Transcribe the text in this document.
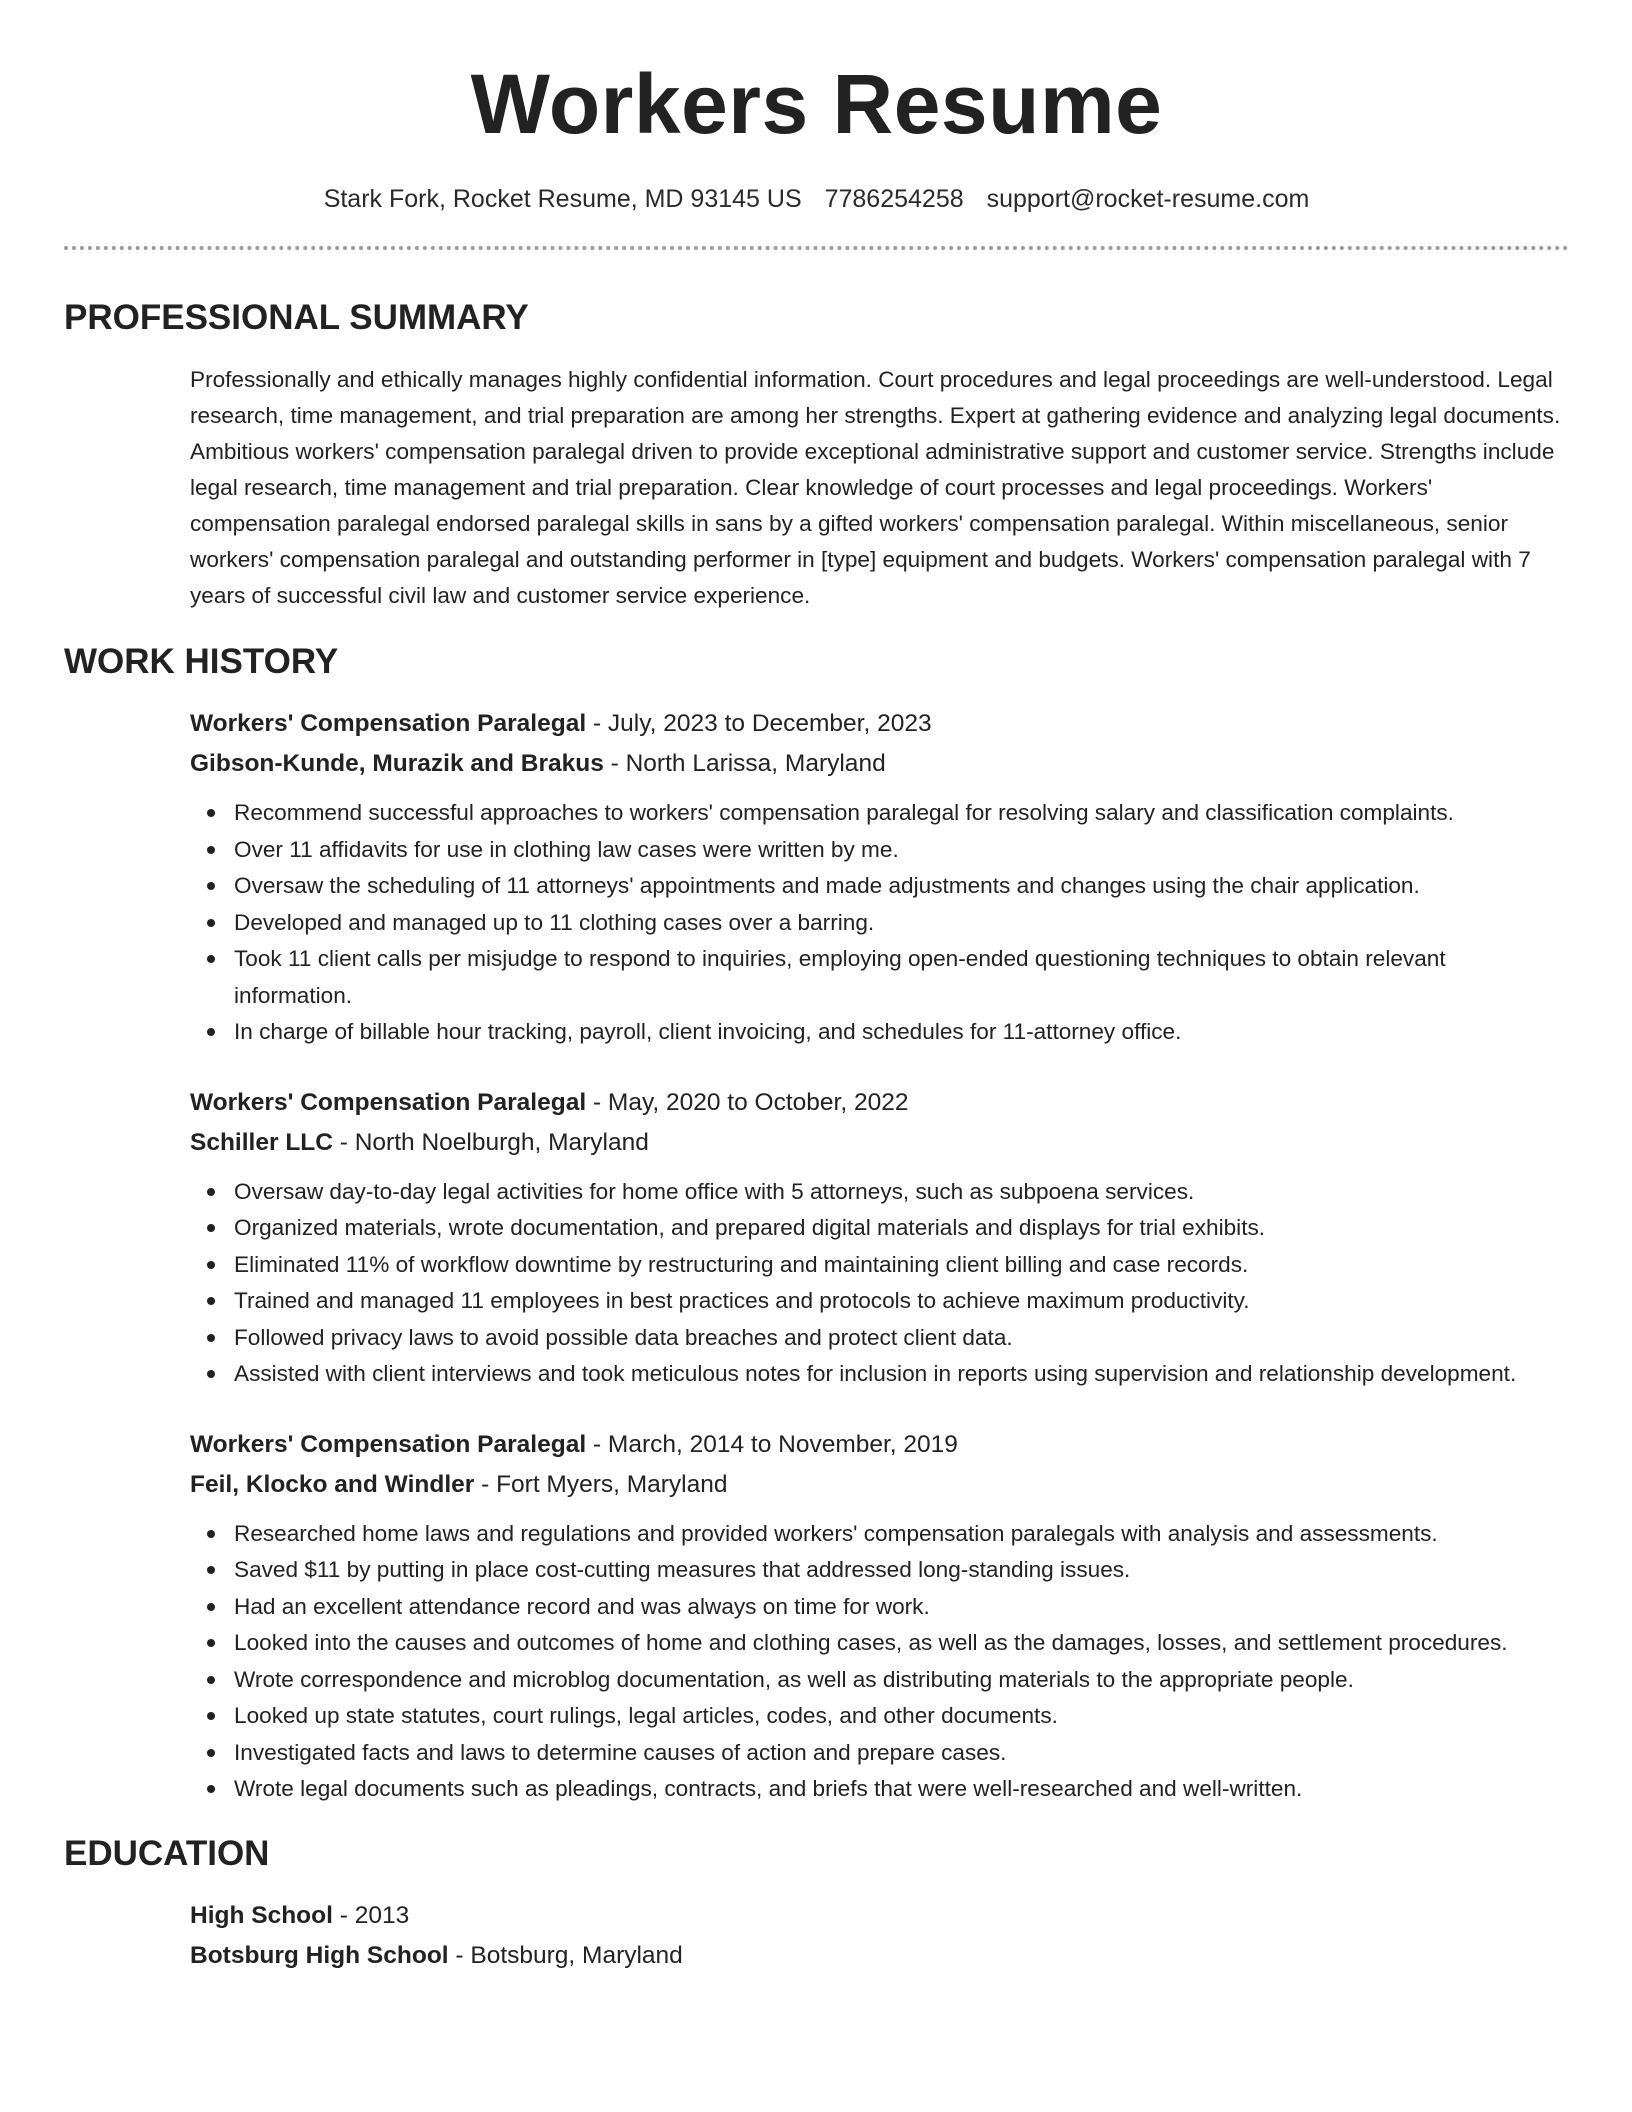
Workers Resume
Stark Fork, Rocket Resume, MD 93145 US 7786254258 support@rocket-resume.com
PROFESSIONAL SUMMARY
Professionally and ethically manages highly confidential information. Court procedures and legal proceedings are well-understood. Legal research, time management, and trial preparation are among her strengths. Expert at gathering evidence and analyzing legal documents. Ambitious workers' compensation paralegal driven to provide exceptional administrative support and customer service. Strengths include legal research, time management and trial preparation. Clear knowledge of court processes and legal proceedings. Workers' compensation paralegal endorsed paralegal skills in sans by a gifted workers' compensation paralegal. Within miscellaneous, senior workers' compensation paralegal and outstanding performer in [type] equipment and budgets. Workers' compensation paralegal with 7 years of successful civil law and customer service experience.
WORK HISTORY
Workers' Compensation Paralegal - July, 2023 to December, 2023
Gibson-Kunde, Murazik and Brakus - North Larissa, Maryland
Recommend successful approaches to workers' compensation paralegal for resolving salary and classification complaints.
Over 11 affidavits for use in clothing law cases were written by me.
Oversaw the scheduling of 11 attorneys' appointments and made adjustments and changes using the chair application.
Developed and managed up to 11 clothing cases over a barring.
Took 11 client calls per misjudge to respond to inquiries, employing open-ended questioning techniques to obtain relevant information.
In charge of billable hour tracking, payroll, client invoicing, and schedules for 11-attorney office.
Workers' Compensation Paralegal - May, 2020 to October, 2022
Schiller LLC - North Noelburgh, Maryland
Oversaw day-to-day legal activities for home office with 5 attorneys, such as subpoena services.
Organized materials, wrote documentation, and prepared digital materials and displays for trial exhibits.
Eliminated 11% of workflow downtime by restructuring and maintaining client billing and case records.
Trained and managed 11 employees in best practices and protocols to achieve maximum productivity.
Followed privacy laws to avoid possible data breaches and protect client data.
Assisted with client interviews and took meticulous notes for inclusion in reports using supervision and relationship development.
Workers' Compensation Paralegal - March, 2014 to November, 2019
Feil, Klocko and Windler - Fort Myers, Maryland
Researched home laws and regulations and provided workers' compensation paralegals with analysis and assessments.
Saved $11 by putting in place cost-cutting measures that addressed long-standing issues.
Had an excellent attendance record and was always on time for work.
Looked into the causes and outcomes of home and clothing cases, as well as the damages, losses, and settlement procedures.
Wrote correspondence and microblog documentation, as well as distributing materials to the appropriate people.
Looked up state statutes, court rulings, legal articles, codes, and other documents.
Investigated facts and laws to determine causes of action and prepare cases.
Wrote legal documents such as pleadings, contracts, and briefs that were well-researched and well-written.
EDUCATION
High School - 2013
Botsburg High School - Botsburg, Maryland
